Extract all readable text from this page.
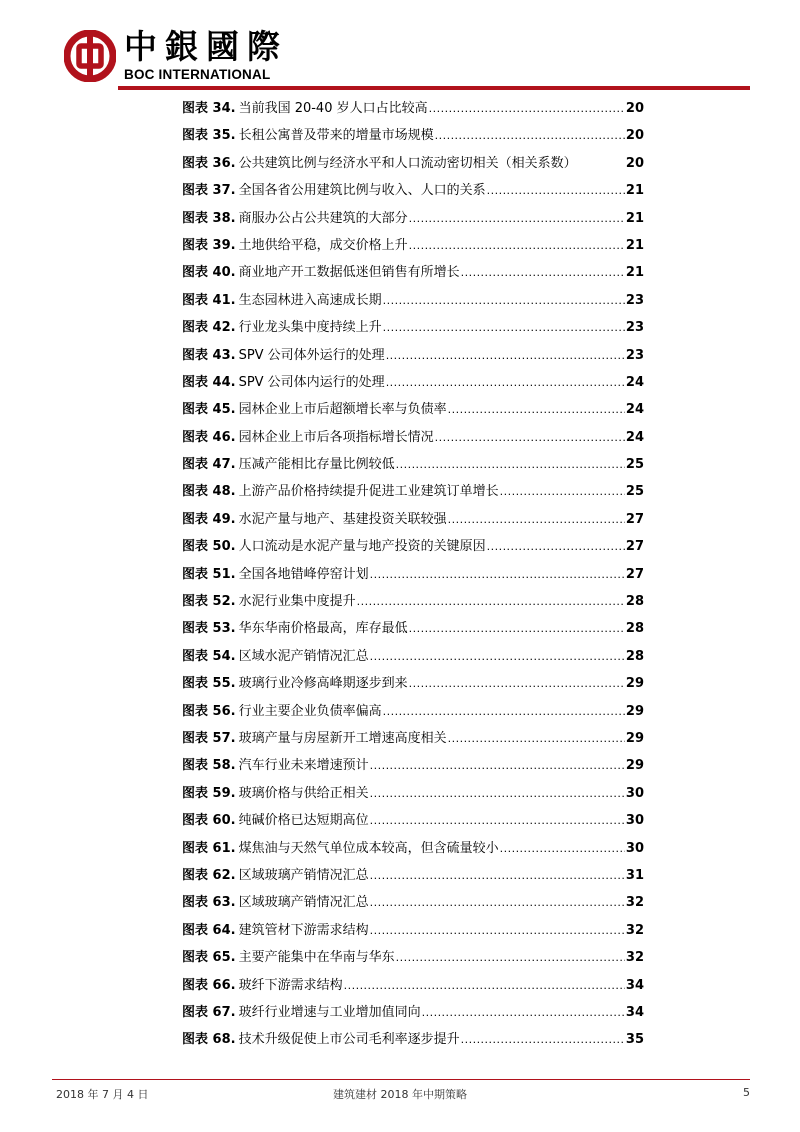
中銀國際
BOC INTERNATIONAL
图表 34. 当前我国 20-40 岁人口占比较高 .....	20
图表 35. 长租公寓普及带来的增量市场规模 .....	20
图表 36. 公共建筑比例与经济水平和人口流动密切相关（相关系数）	20
图表 37. 全国各省公用建筑比例与收入、人口的关系 .....	21
图表 38. 商服办公占公共建筑的大部分 .....	21
图表 39. 土地供给平稳，成交价格上升 .....	21
图表 40. 商业地产开工数据低迷但销售有所增长 .....	21
图表 41. 生态园林进入高速成长期 .....	23
图表 42. 行业龙头集中度持续上升 .....	23
图表 43. SPV 公司体外运行的处理 .....	23
图表 44. SPV 公司体内运行的处理 .....	24
图表 45. 园林企业上市后超额增长率与负债率 .....	24
图表 46. 园林企业上市后各项指标增长情况 .....	24
图表 47. 压减产能相比存量比例较低 .....	25
图表 48. 上游产品价格持续提升促进工业建筑订单增长 .....	25
图表 49. 水泥产量与地产、基建投资关联较强 .....	27
图表 50. 人口流动是水泥产量与地产投资的关键原因 .....	27
图表 51. 全国各地错峰停窑计划 .....	27
图表 52. 水泥行业集中度提升 .....	28
图表 53. 华东华南价格最高，库存最低 .....	28
图表 54. 区域水泥产销情况汇总 .....	28
图表 55. 玻璃行业冷修高峰期逐步到来 .....	29
图表 56. 行业主要企业负债率偏高 .....	29
图表 57. 玻璃产量与房屋新开工增速高度相关 .....	29
图表 58. 汽车行业未来增速预计 .....	29
图表 59. 玻璃价格与供给正相关 .....	30
图表 60. 纯碱价格已达短期高位 .....	30
图表 61. 煤焦油与天然气单位成本较高，但含硫量较小 .....	30
图表 62. 区域玻璃产销情况汇总 .....	31
图表 63. 区域玻璃产销情况汇总 .....	32
图表 64. 建筑管材下游需求结构 .....	32
图表 65. 主要产能集中在华南与华东 .....	32
图表 66. 玻纤下游需求结构 .....	34
图表 67. 玻纤行业增速与工业增加值同向 .....	34
图表 68. 技术升级促使上市公司毛利率逐步提升 .....	35
2018 年 7 月 4 日	建筑建材 2018 年中期策略	5
